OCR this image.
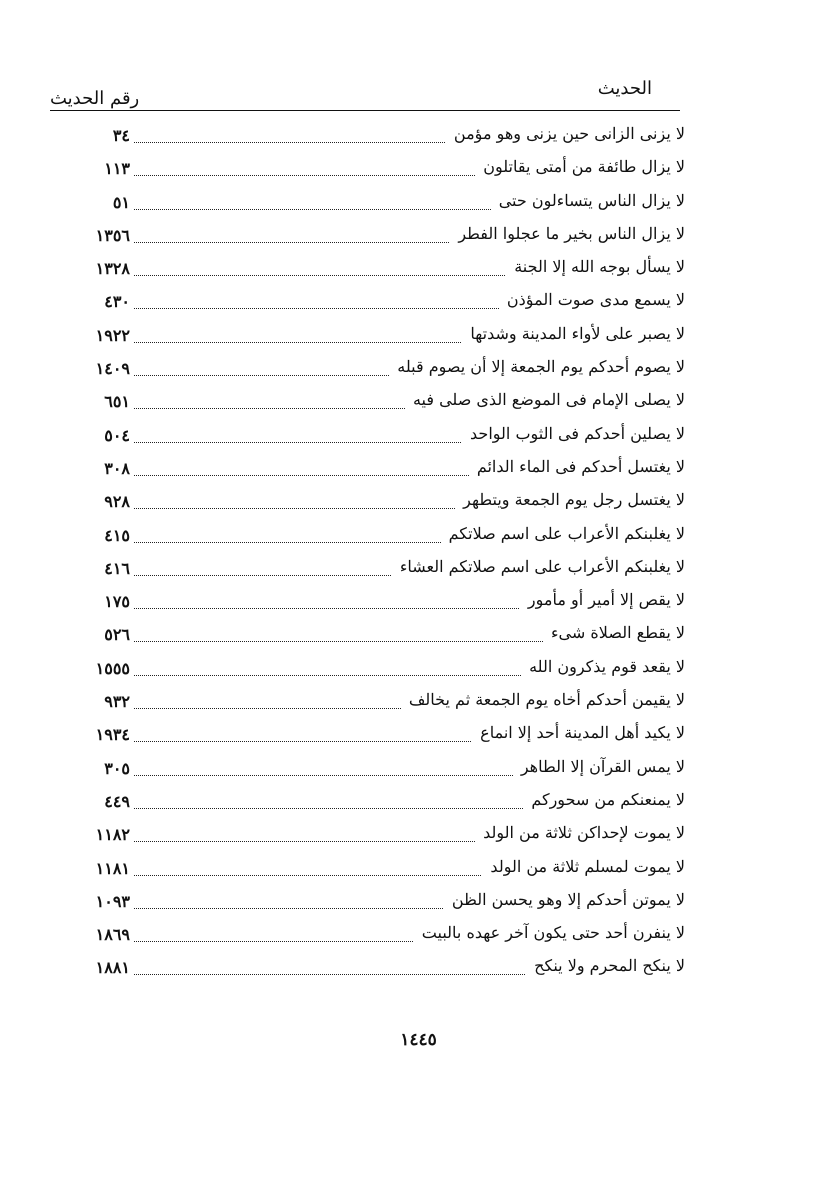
الحديث
رقم الحديث
لا يزنى الزانى حين يزنى وهو مؤمن
٣٤
لا يزال طائفة من أمتى يقاتلون
١١٣
لا يزال الناس يتساءلون حتى
٥١
لا يزال الناس بخير ما عجلوا الفطر
١٣٥٦
لا يسأل بوجه الله إلا الجنة
١٣٢٨
لا يسمع مدى صوت المؤذن
٤٣٠
لا يصبر على لأواء المدينة وشدتها
١٩٢٢
لا يصوم أحدكم يوم الجمعة إلا أن يصوم قبله
١٤٠٩
لا يصلى الإمام فى الموضع الذى صلى فيه
٦٥١
لا يصلين أحدكم فى الثوب الواحد
٥٠٤
لا يغتسل أحدكم فى الماء الدائم
٣٠٨
لا يغتسل رجل يوم الجمعة ويتطهر
٩٢٨
لا يغلبنكم الأعراب على اسم صلاتكم
٤١٥
لا يغلبنكم الأعراب على اسم صلاتكم العشاء
٤١٦
لا يقص إلا أمير أو مأمور
١٧٥
لا يقطع الصلاة شىء
٥٢٦
لا يقعد قوم يذكرون الله
١٥٥٥
لا يقيمن أحدكم أخاه يوم الجمعة ثم يخالف
٩٣٢
لا يكيد أهل المدينة أحد إلا انماع
١٩٣٤
لا يمس القرآن إلا الطاهر
٣٠٥
لا يمنعنكم من سحوركم
٤٤٩
لا يموت لإحداكن ثلاثة من الولد
١١٨٢
لا يموت لمسلم ثلاثة من الولد
١١٨١
لا يموتن أحدكم إلا وهو يحسن الظن
١٠٩٣
لا ينفرن أحد حتى يكون آخر عهده بالبيت
١٨٦٩
لا ينكح المحرم ولا ينكح
١٨٨١
١٤٤٥
